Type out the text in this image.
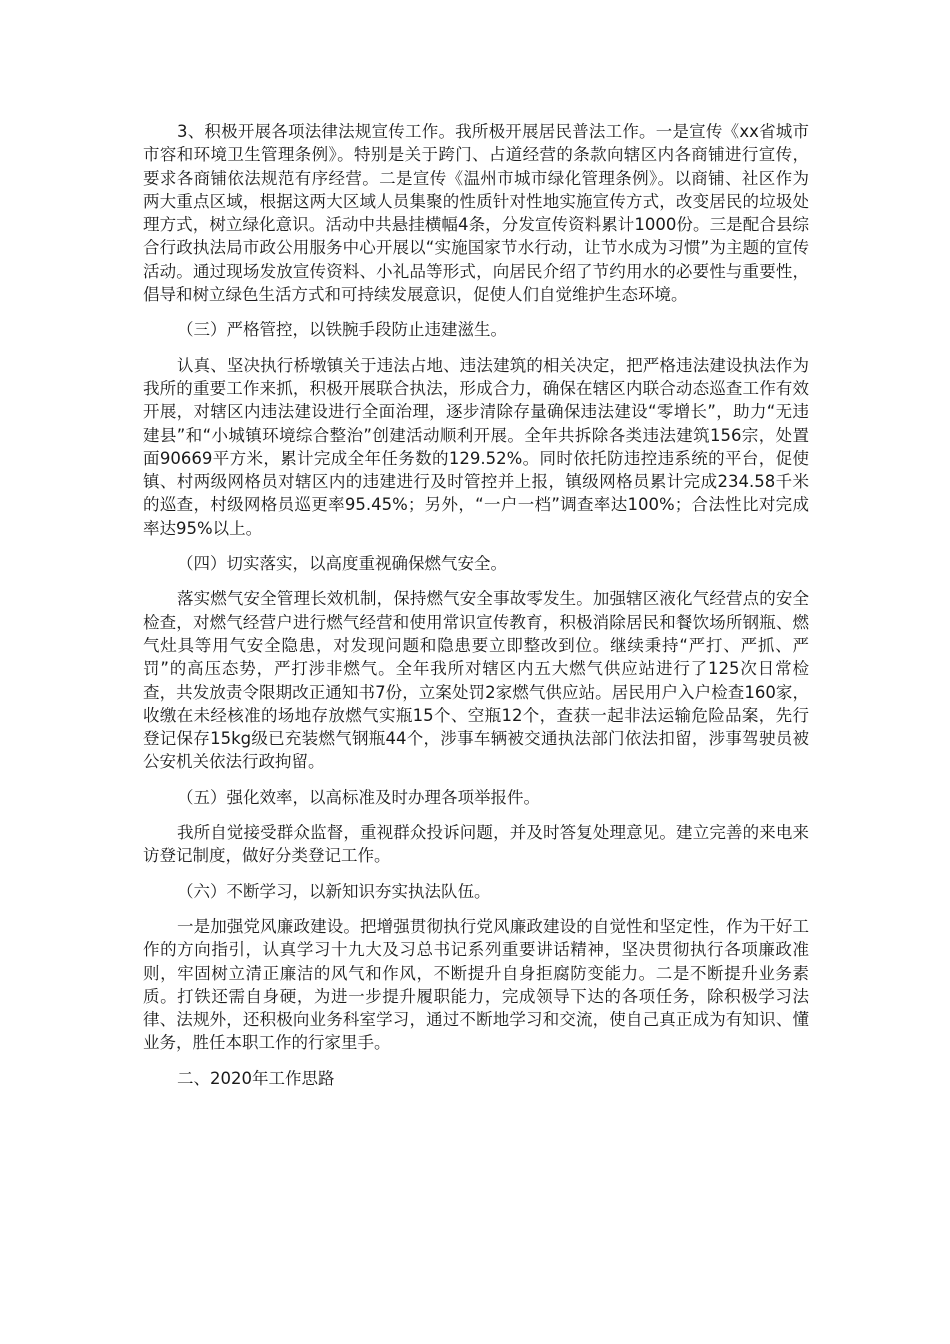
3、积极开展各项法律法规宣传工作。我所极开展居民普法工作。一是宣传《xx省城市市容和环境卫生管理条例》。特别是关于跨门、占道经营的条款向辖区内各商铺进行宣传，要求各商铺依法规范有序经营。二是宣传《温州市城市绿化管理条例》。以商铺、社区作为两大重点区域，根据这两大区域人员集聚的性质针对性地实施宣传方式，改变居民的垃圾处理方式，树立绿化意识。活动中共悬挂横幅4条，分发宣传资料累计1000份。三是配合县综合行政执法局市政公用服务中心开展以“实施国家节水行动，让节水成为习惯”为主题的宣传活动。通过现场发放宣传资料、小礼品等形式，向居民介绍了节约用水的必要性与重要性，倡导和树立绿色生活方式和可持续发展意识，促使人们自觉维护生态环境。

（三）严格管控，以铁腕手段防止违建滋生。

认真、坚决执行桥墩镇关于违法占地、违法建筑的相关决定，把严格违法建设执法作为我所的重要工作来抓，积极开展联合执法，形成合力，确保在辖区内联合动态巡查工作有效开展，对辖区内违法建设进行全面治理，逐步清除存量确保违法建设“零增长”，助力“无违建县”和“小城镇环境综合整治”创建活动顺利开展。全年共拆除各类违法建筑156宗，处置面90669平方米，累计完成全年任务数的129.52%。同时依托防违控违系统的平台，促使镇、村两级网格员对辖区内的违建进行及时管控并上报，镇级网格员累计完成234.58千米的巡查，村级网格员巡更率95.45%；另外，“一户一档”调查率达100%；合法性比对完成率达95%以上。

（四）切实落实，以高度重视确保燃气安全。

落实燃气安全管理长效机制，保持燃气安全事故零发生。加强辖区液化气经营点的安全检查，对燃气经营户进行燃气经营和使用常识宣传教育，积极消除居民和餐饮场所钢瓶、燃气灶具等用气安全隐患，对发现问题和隐患要立即整改到位。继续秉持“严打、严抓、严罚”的高压态势，严打涉非燃气。全年我所对辖区内五大燃气供应站进行了125次日常检查，共发放责令限期改正通知书7份，立案处罚2家燃气供应站。居民用户入户检查160家，收缴在未经核准的场地存放燃气实瓶15个、空瓶12个，查获一起非法运输危险品案，先行登记保存15kg级已充装燃气钢瓶44个，涉事车辆被交通执法部门依法扣留，涉事驾驶员被公安机关依法行政拘留。

（五）强化效率，以高标准及时办理各项举报件。

我所自觉接受群众监督，重视群众投诉问题，并及时答复处理意见。建立完善的来电来访登记制度，做好分类登记工作。

（六）不断学习，以新知识夯实执法队伍。

一是加强党风廉政建设。把增强贯彻执行党风廉政建设的自觉性和坚定性，作为干好工作的方向指引，认真学习十九大及习总书记系列重要讲话精神，坚决贯彻执行各项廉政准则，牢固树立清正廉洁的风气和作风，不断提升自身拒腐防变能力。二是不断提升业务素质。打铁还需自身硬，为进一步提升履职能力，完成领导下达的各项任务，除积极学习法律、法规外，还积极向业务科室学习，通过不断地学习和交流，使自己真正成为有知识、懂业务，胜任本职工作的行家里手。

二、2020年工作思路
